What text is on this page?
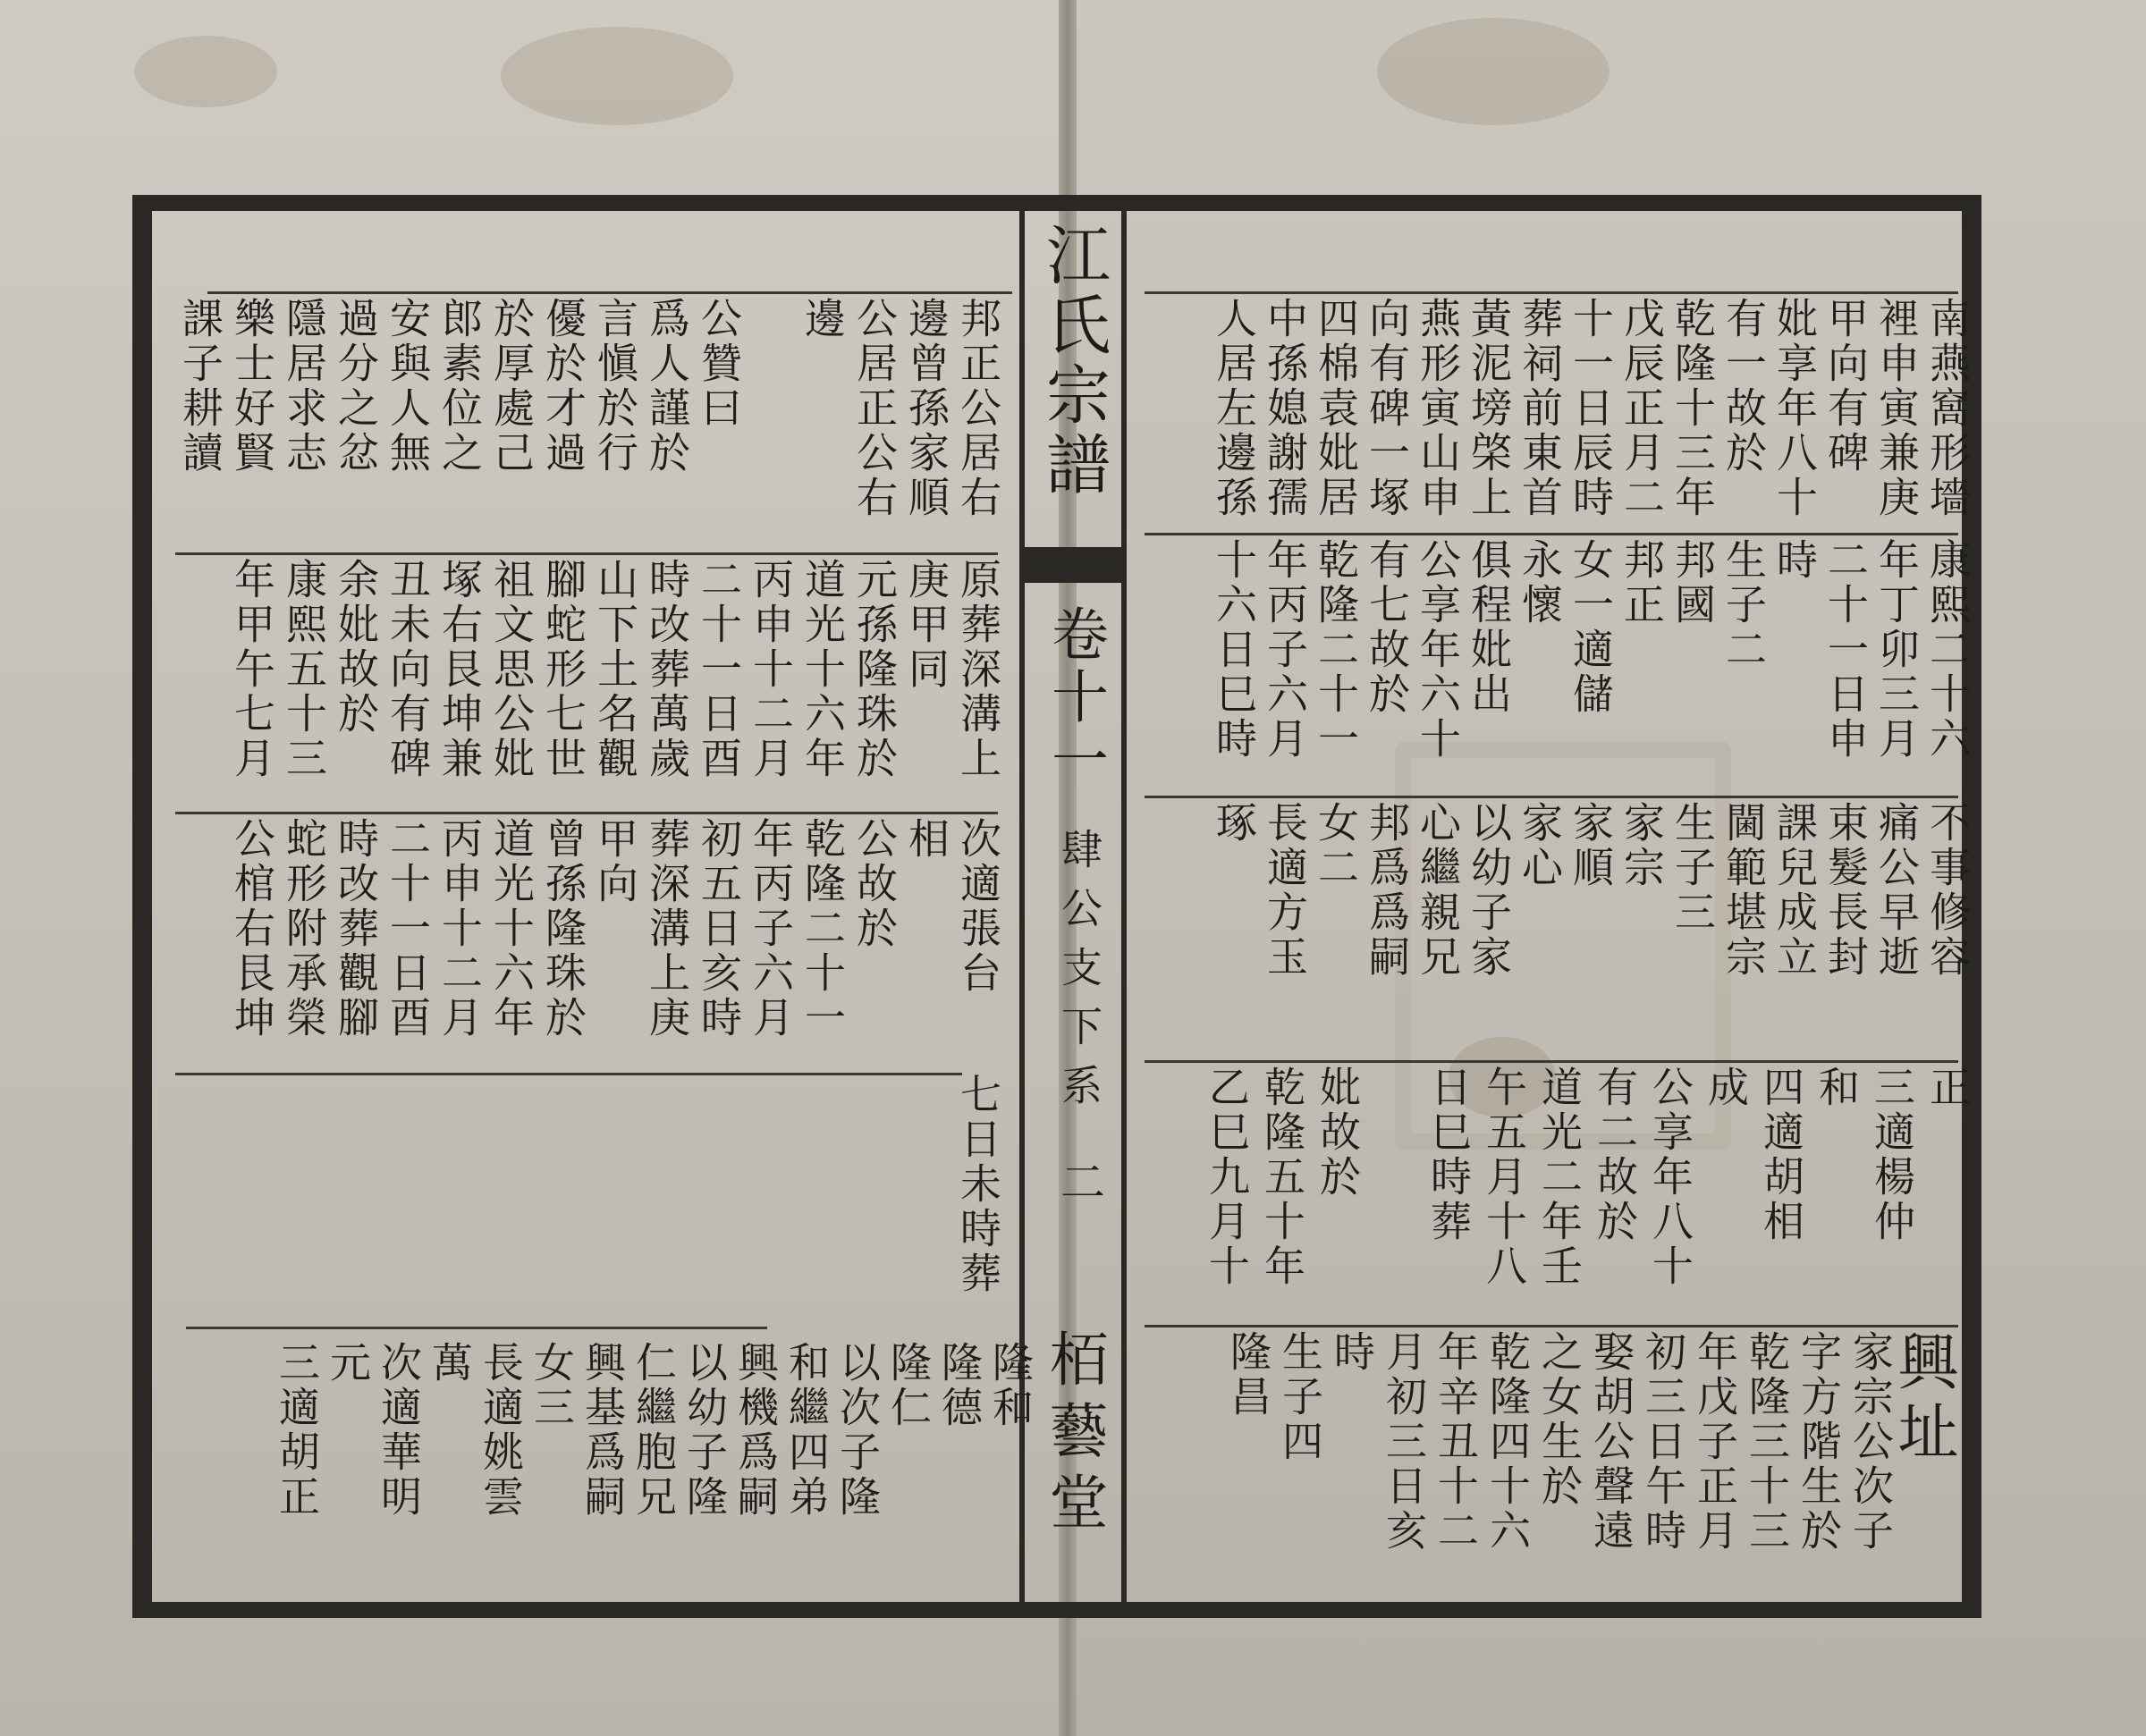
江氏宗譜
卷十一
肆公支下系
二
栢藝堂
南燕窩形墻
裡申寅兼庚
甲向有碑
妣享年八十
有一故於
乾隆十三年
戊辰正月二
十一日辰時
葬祠前東首
黃泥塝棨上
燕形寅山申
向有碑一塚
四棉袁妣居
中孫媳謝孺
人居左邊孫
康熙二十六
年丁卯三月
二十一日申
時
生子二
邦國
邦正
女一適儲
永懷
俱程妣出
公享年六十
有七故於
乾隆二十一
年丙子六月
十六日巳時
不事修容
痛公早逝
束髮長封
課兒成立
閫範堪宗
生子三
家宗
家順
家心
以幼子家
心繼親兄
邦爲爲嗣
女二
長適方玉
琢
正
三適楊仲
和
四適胡相
成
公享年八十
有二故於
道光二年壬
午五月十八
日巳時葬
妣故於
乾隆五十年
乙巳九月十
興址
家宗公次子
字方階生於
乾隆三十三
年戊子正月
初三日午時
娶胡公聲遠
之女生於
乾隆四十六
年辛丑十二
月初三日亥
時
生子四
隆昌
邦正公居右
邊曾孫家順
公居正公右
邊
公贊曰
爲人謹於
言愼於行
優於才過
於厚處己
郎素位之
安與人無
過分之忿
隱居求志
樂士好賢
課子耕讀
原葬深溝上
庚甲同
元孫隆珠於
道光十六年
丙申十二月
二十一日酉
時改葬萬歲
山下土名觀
腳蛇形七世
祖文思公妣
塚右艮坤兼
丑未向有碑
余妣故於
康熙五十三
年甲午七月
次適張台
相
公故於
乾隆二十一
年丙子六月
初五日亥時
葬深溝上庚
甲向
曾孫隆珠於
道光十六年
丙申十二月
二十一日酉
時改葬觀腳
蛇形附承榮
公棺右艮坤
七日未時葬
隆和
隆德
隆仁
以次子隆
和繼四弟
興機爲嗣
以幼子隆
仁繼胞兄
興基爲嗣
女三
長適姚雲
萬
次適華明
元
三適胡正
